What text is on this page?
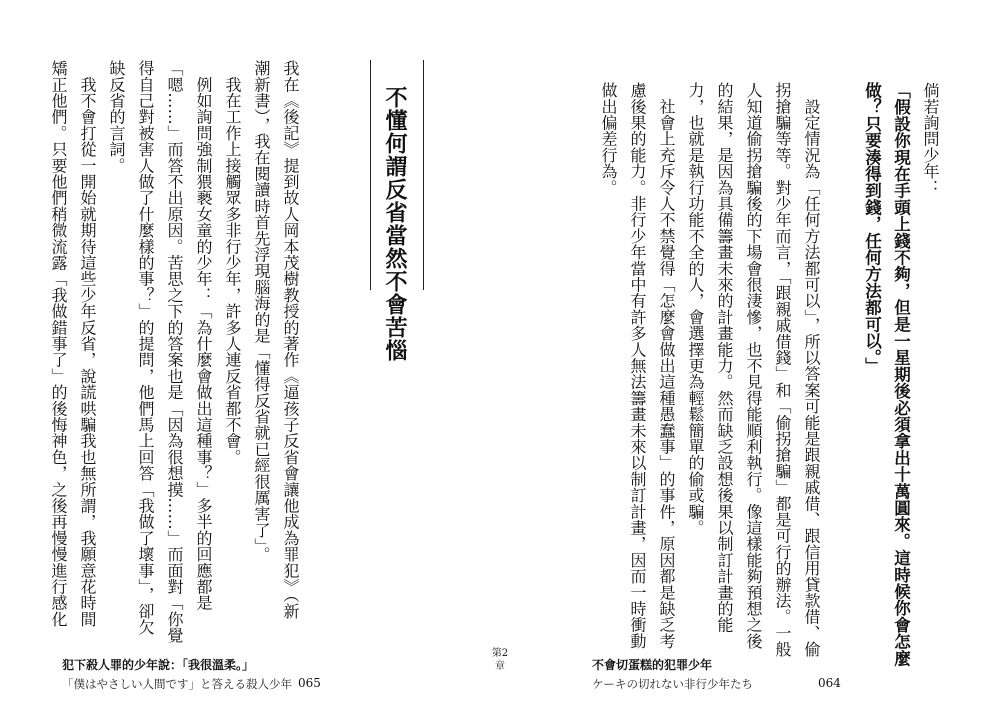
不懂何謂反省當然不會苦惱
我在《後記》提到故人岡本茂樹教授的著作《逼孩子反省會讓他成為罪犯》（新
潮新書），我在閱讀時首先浮現腦海的是「懂得反省就已經很厲害了」。
　我在工作上接觸眾多非行少年，許多人連反省都不會。
　例如詢問強制猥褻女童的少年：「為什麼會做出這種事？」多半的回應都是
「嗯……」而答不出原因。苦思之下的答案也是「因為很想摸……」而面對「你覺
得自己對被害人做了什麼樣的事？」的提問，他們馬上回答「我做了壞事」，卻欠
缺反省的言詞。
　我不會打從一開始就期待這些少年反省，說謊哄騙我也無所謂，我願意花時間
矯正他們。只要他們稍微流露「我做錯事了」的後悔神色，之後再慢慢進行感化
犯下殺人罪的少年說：「我很溫柔。」
「僕はやさしい人間です」と答える殺人少年 065
第2章
倘若詢問少年：
「假設你現在手頭上錢不夠，但是一星期後必須拿出十萬圓來。這時候你會怎麼
做？只要湊得到錢，任何方法都可以。」
　設定情況為「任何方法都可以」，所以答案可能是跟親戚借、跟信用貸款借、偷
拐搶騙等等。對少年而言，「跟親戚借錢」和「偷拐搶騙」都是可行的辦法。一般
人知道偷拐搶騙後的下場會很淒慘，也不見得能順利執行。像這樣能夠預想之後
的結果，是因為具備籌畫未來的計畫能力。然而缺乏設想後果以制訂計畫的能
力，也就是執行功能不全的人，會選擇更為輕鬆簡單的偷或騙。
　社會上充斥令人不禁覺得「怎麼會做出這種愚蠢事」的事件，原因都是缺乏考
慮後果的能力。非行少年當中有許多人無法籌畫未來以制訂計畫，因而一時衝動
做出偏差行為。
不會切蛋糕的犯罪少年
ケーキの切れない非行少年たち	064
